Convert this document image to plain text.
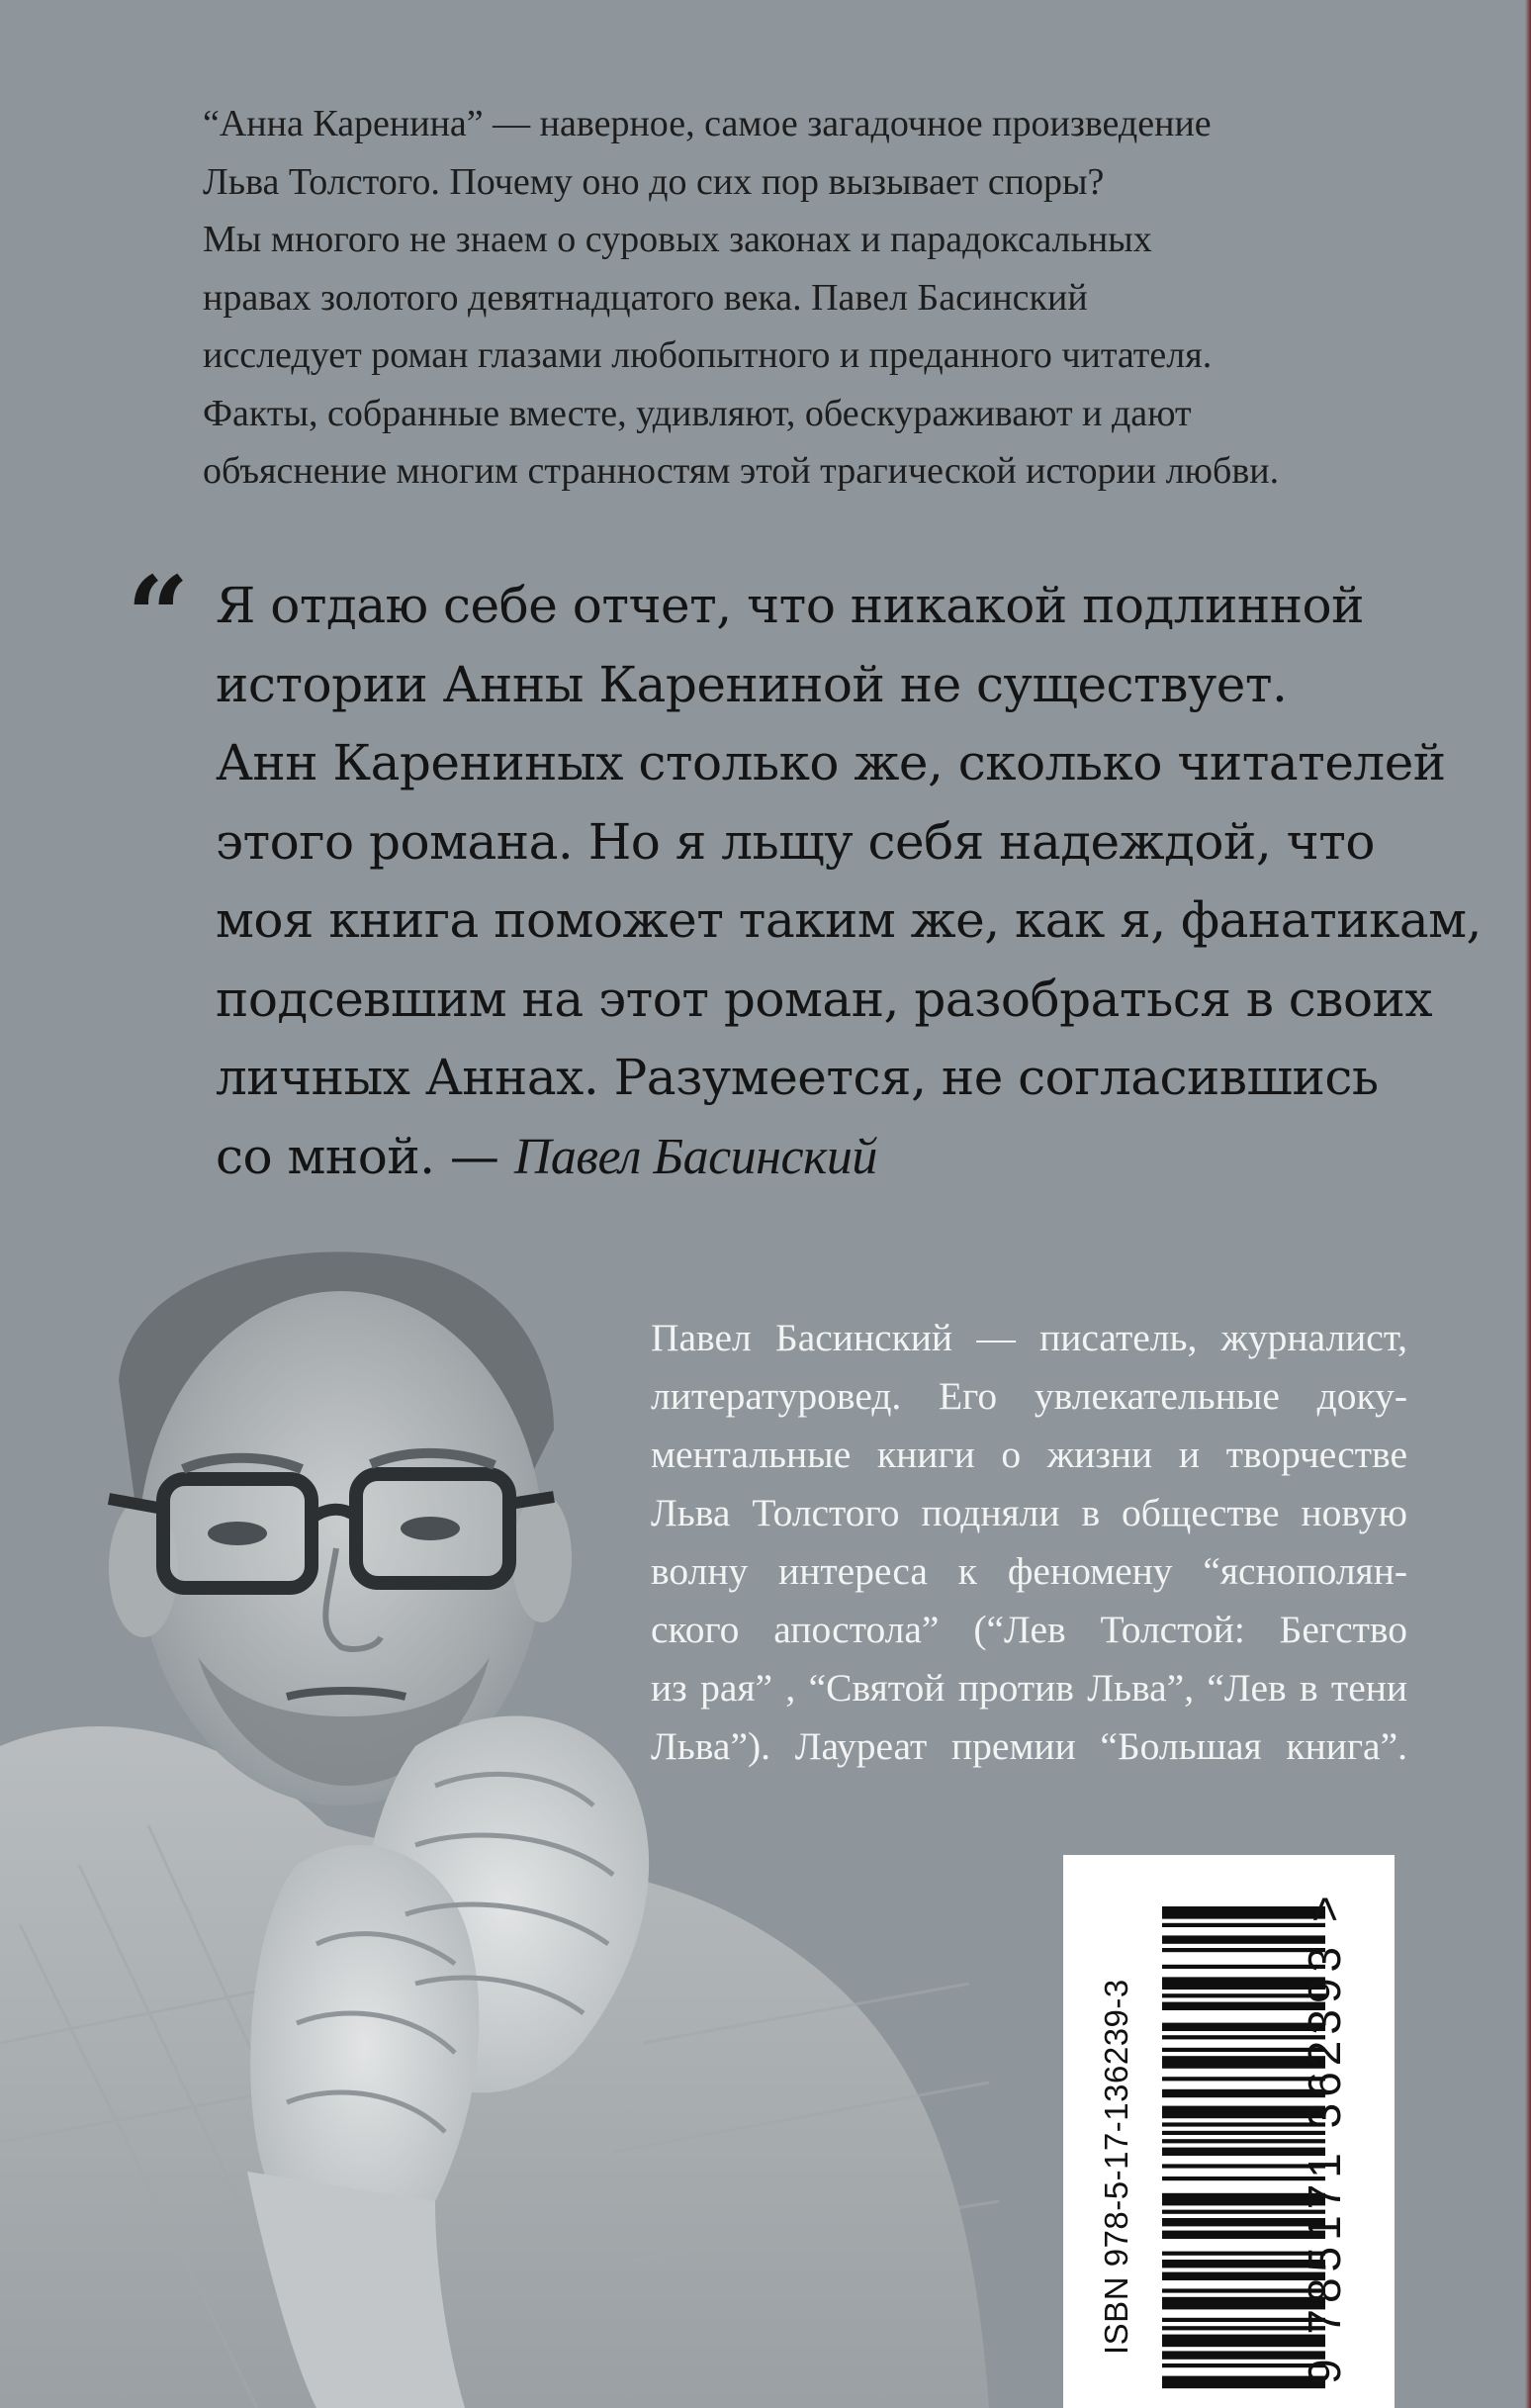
“Анна Каренина” — наверное, самое загадочное произведение
Льва Толстого. Почему оно до сих пор вызывает споры?
Мы многого не знаем о суровых законах и парадоксальных
нравах золотого девятнадцатого века. Павел Басинский
исследует роман глазами любопытного и преданного читателя.
Факты, собранные вместе, удивляют, обескураживают и дают
объяснение многим странностям этой трагической истории любви.
“ Я отдаю себе отчет, что никакой подлинной
истории Анны Карениной не существует.
Анн Карениных столько же, сколько читателей
этого романа. Но я льщу себя надеждой, что
моя книга поможет таким же, как я, фанатикам,
подсевшим на этот роман, разобраться в своих
личных Аннах. Разумеется, не согласившись
со мной. — Павел Басинский
Павел Басинский — писатель, журналист,
литературовед. Его увлекательные доку-
ментальные книги о жизни и творчестве
Льва Толстого подняли в обществе новую
волну интереса к феномену “яснополян-
ского апостола” (“Лев Толстой: Бегство
из рая” , “Святой против Льва”, “Лев в тени
Льва”). Лауреат премии “Большая книга”.
ISBN 978-5-17-136239-3	9 785171 362393 >
